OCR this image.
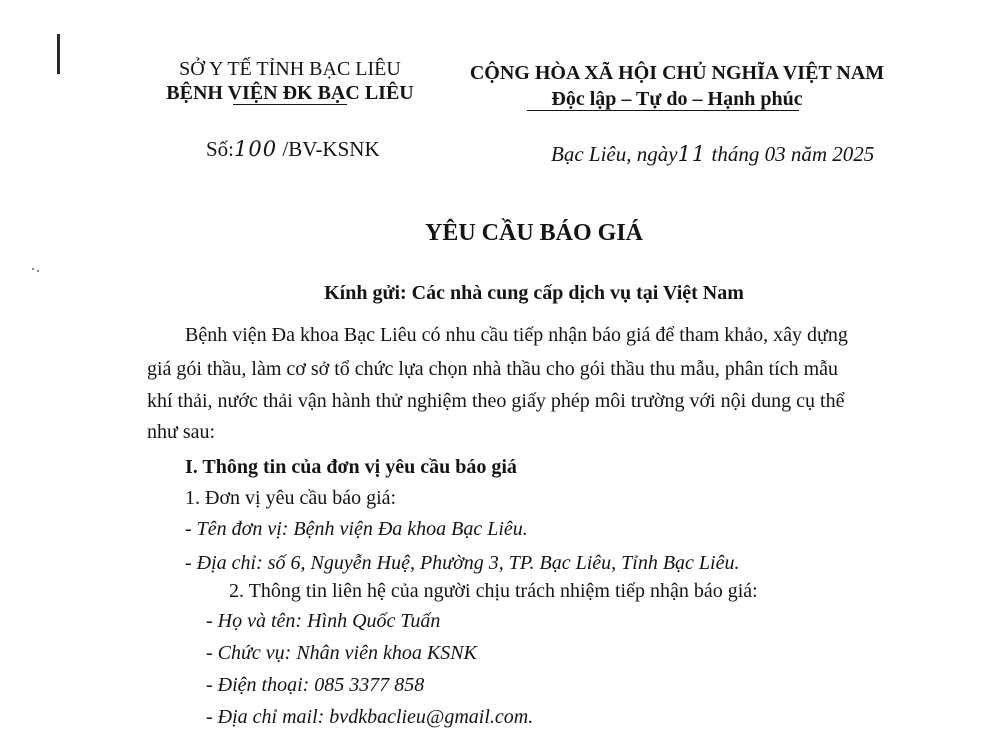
SỞ Y TẾ TỈNH BẠC LIÊU
BỆNH VIỆN ĐK BẠC LIÊU
CỘNG HÒA XÃ HỘI CHỦ NGHĨA VIỆT NAM
Độc lập – Tự do – Hạnh phúc
Số:100 /BV-KSNK	Bạc Liêu, ngày11 tháng 03 năm 2025
YÊU CẦU BÁO GIÁ
Kính gửi: Các nhà cung cấp dịch vụ tại Việt Nam
Bệnh viện Đa khoa Bạc Liêu có nhu cầu tiếp nhận báo giá để tham khảo, xây dựng
giá gói thầu, làm cơ sở tổ chức lựa chọn nhà thầu cho gói thầu thu mẫu, phân tích mẫu
khí thải, nước thải vận hành thử nghiệm theo giấy phép môi trường với nội dung cụ thể
như sau:
I. Thông tin của đơn vị yêu cầu báo giá
1. Đơn vị yêu cầu báo giá:
- Tên đơn vị: Bệnh viện Đa khoa Bạc Liêu.
- Địa chỉ: số 6, Nguyễn Huệ, Phường 3, TP. Bạc Liêu, Tỉnh Bạc Liêu.
2. Thông tin liên hệ của người chịu trách nhiệm tiếp nhận báo giá:
- Họ và tên: Hình Quốc Tuấn
- Chức vụ: Nhân viên khoa KSNK
- Điện thoại: 085 3377 858
- Địa chỉ mail: bvdkbaclieu@gmail.com.
